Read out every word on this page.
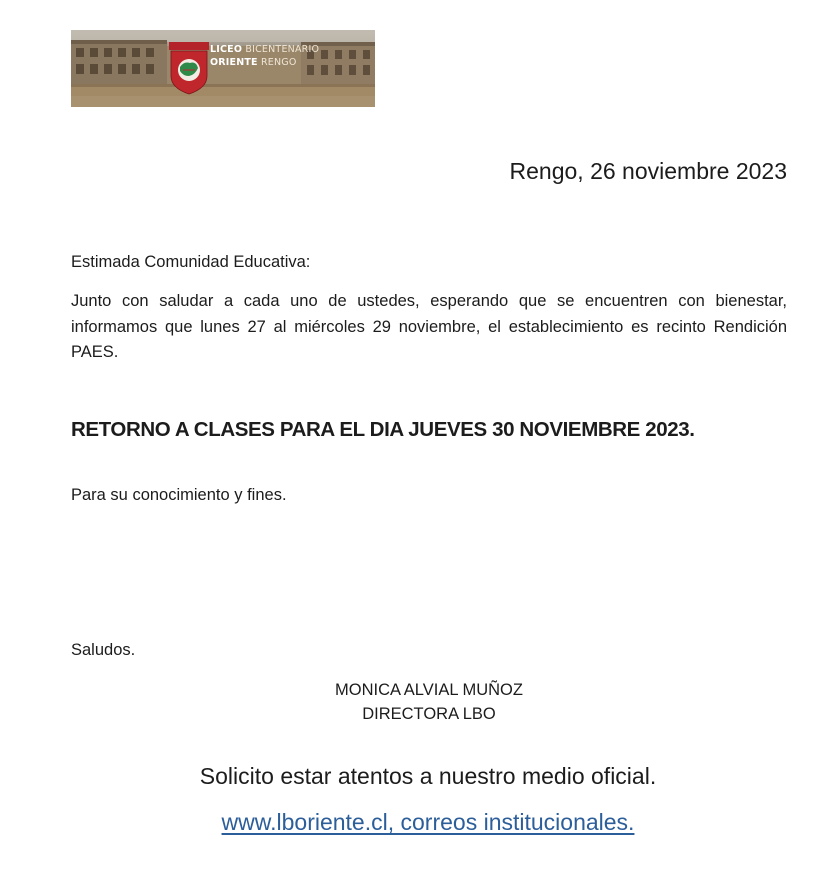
LICEO BICENTENARIO
ORIENTE RENGO

Rengo, 26 noviembre 2023

Estimada Comunidad Educativa:

Junto con saludar a cada uno de ustedes, esperando que se encuentren con bienestar, informamos que lunes 27 al miércoles 29 noviembre, el establecimiento es recinto Rendición PAES.

RETORNO A CLASES PARA EL DIA JUEVES 30 NOVIEMBRE 2023.

Para su conocimiento y fines.

Saludos.

MONICA ALVIAL MUÑOZ
DIRECTORA LBO

Solicito estar atentos a nuestro medio oficial.

www.lboriente.cl, correos institucionales.
